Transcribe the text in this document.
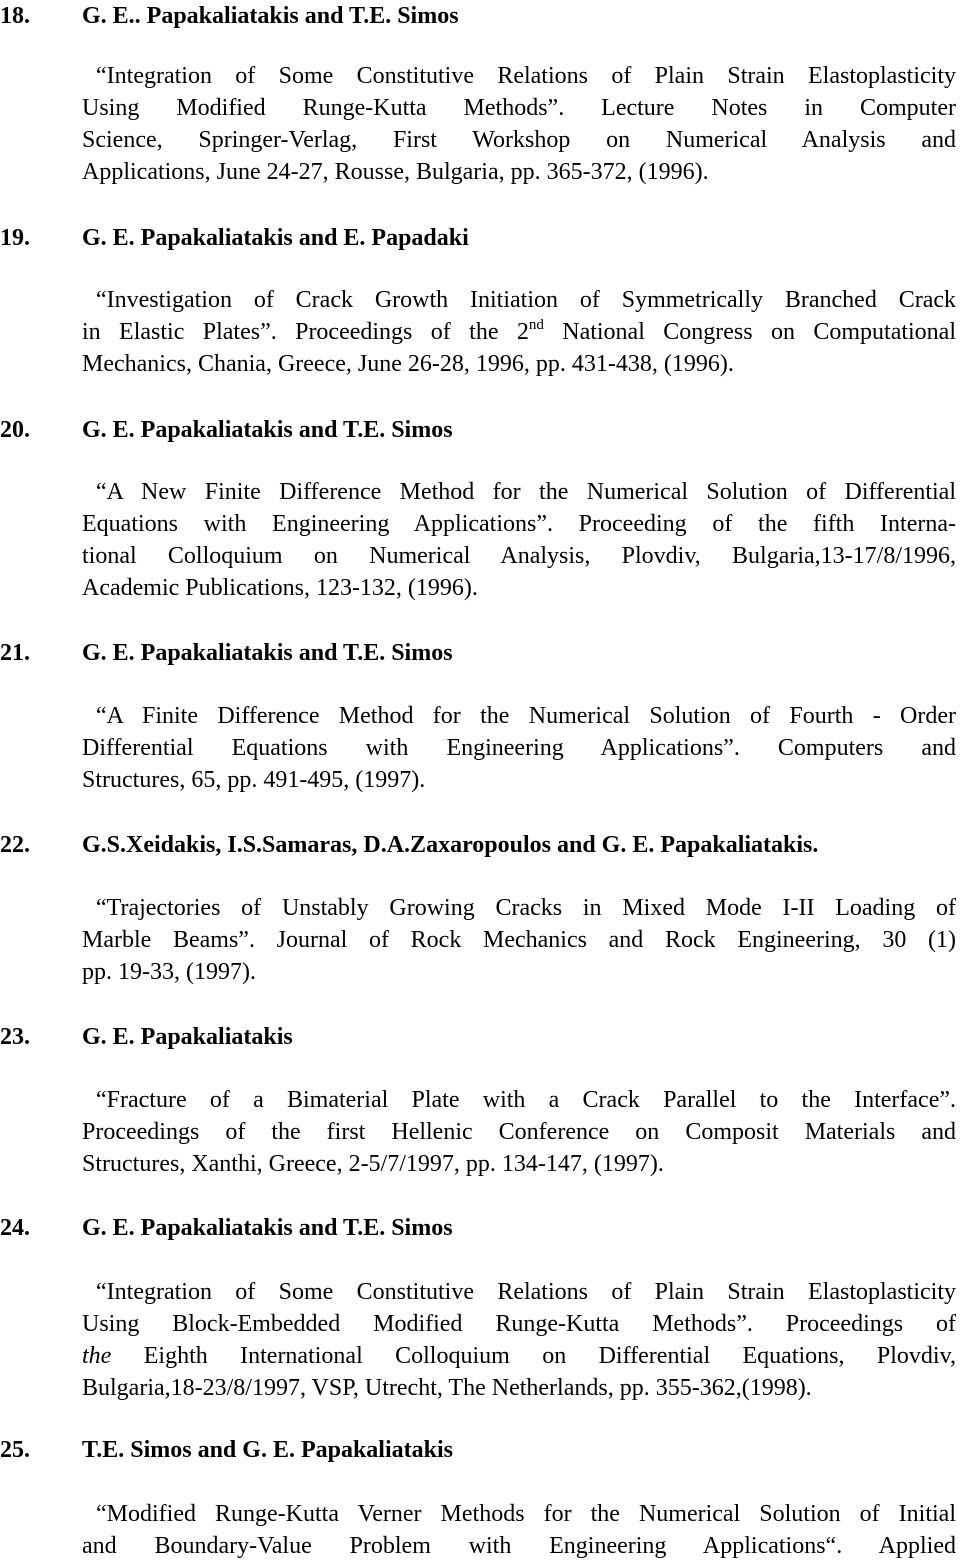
18. G. E.. Papakaliatakis and T.E. Simos
“Integration of Some Constitutive Relations of Plain Strain Elastoplasticity
Using Modified Runge-Kutta Methods”. Lecture Notes in Computer
Science, Springer-Verlag, First Workshop on Numerical Analysis and
Applications, June 24-27, Rousse, Bulgaria, pp. 365-372, (1996).
19. G. E. Papakaliatakis and E. Papadaki
“Investigation of Crack Growth Initiation of Symmetrically Branched Crack
in Elastic Plates”. Proceedings of the 2nd National Congress on Computational
Mechanics, Chania, Greece, June 26-28, 1996, pp. 431-438, (1996).
20. G. E. Papakaliatakis and T.E. Simos
“A New Finite Difference Method for the Numerical Solution of Differential
Equations with Engineering Applications”. Proceeding of the fifth Interna-
tional Colloquium on Numerical Analysis, Plovdiv, Bulgaria,13-17/8/1996,
Academic Publications, 123-132, (1996).
21. G. E. Papakaliatakis and T.E. Simos
“A Finite Difference Method for the Numerical Solution of Fourth - Order
Differential Equations with Engineering Applications”. Computers and
Structures, 65, pp. 491-495, (1997).
22. G.S.Xeidakis, I.S.Samaras, D.A.Zaxaropoulos and G. E. Papakaliatakis.
“Trajectories of Unstably Growing Cracks in Mixed Mode I-II Loading of
Marble Beams”. Journal of Rock Mechanics and Rock Engineering, 30 (1)
pp. 19-33, (1997).
23. G. E. Papakaliatakis
“Fracture of a Bimaterial Plate with a Crack Parallel to the Interface”.
Proceedings of the first Hellenic Conference on Composit Materials and
Structures, Xanthi, Greece, 2-5/7/1997, pp. 134-147, (1997).
24. G. E. Papakaliatakis and T.E. Simos
“Integration of Some Constitutive Relations of Plain Strain Elastoplasticity
Using Block-Embedded Modified Runge-Kutta Methods”. Proceedings of
the Eighth International Colloquium on Differential Equations, Plovdiv,
Bulgaria,18-23/8/1997, VSP, Utrecht, The Netherlands, pp. 355-362,(1998).
25. T.E. Simos and G. E. Papakaliatakis
“Modified Runge-Kutta Verner Methods for the Numerical Solution of Initial
and Boundary-Value Problem with Engineering Applications“. Applied
